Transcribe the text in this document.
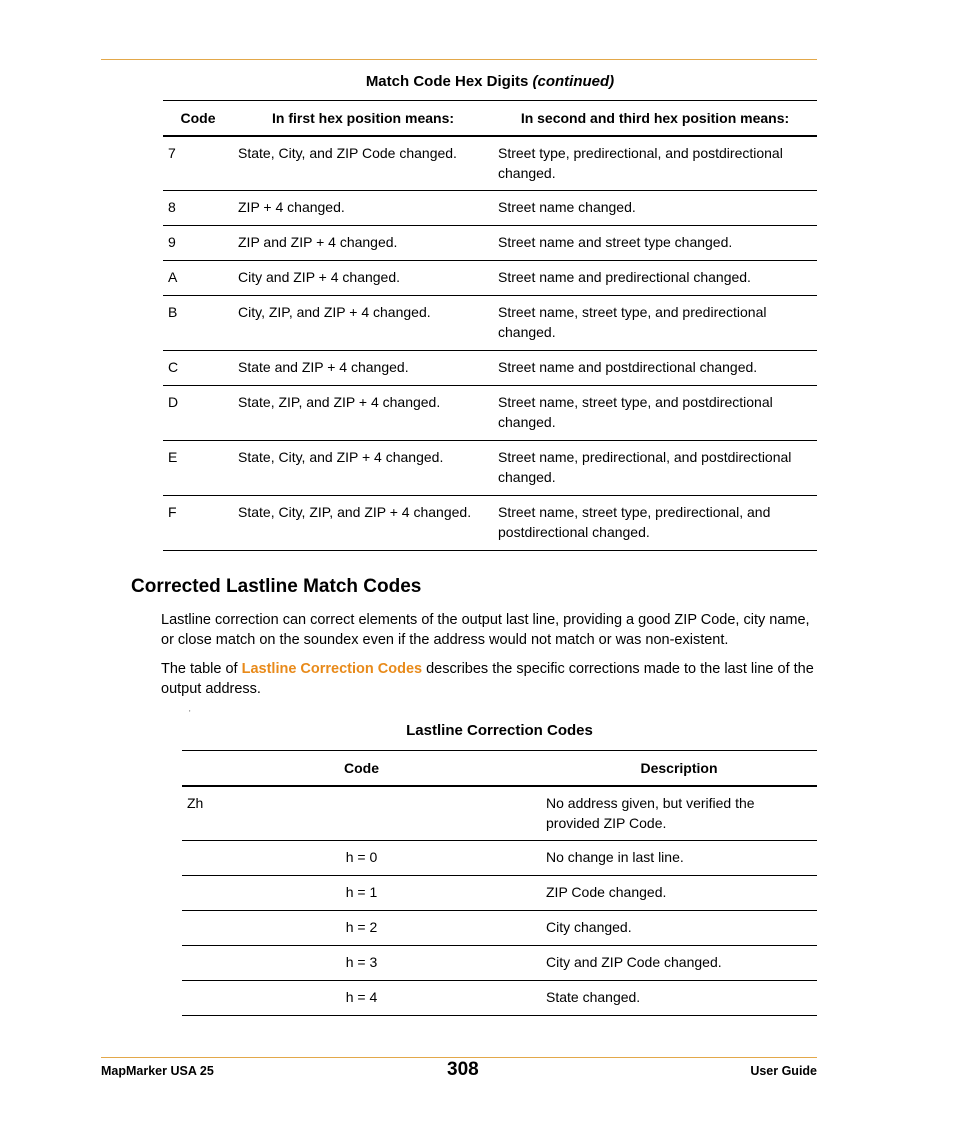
Match Code Hex Digits (continued)
Code	In first hex position means:	In second and third hex position means:
7	State, City, and ZIP Code changed.	Street type, predirectional, and postdirectional changed.
8	ZIP + 4 changed.	Street name changed.
9	ZIP and ZIP + 4 changed.	Street name and street type changed.
A	City and ZIP + 4 changed.	Street name and predirectional changed.
B	City, ZIP, and ZIP + 4 changed.	Street name, street type, and predirectional changed.
C	State and ZIP + 4 changed.	Street name and postdirectional changed.
D	State, ZIP, and ZIP + 4 changed.	Street name, street type, and postdirectional changed.
E	State, City, and ZIP + 4 changed.	Street name, predirectional, and postdirectional changed.
F	State, City, ZIP, and ZIP + 4 changed.	Street name, street type, predirectional, and postdirectional changed.
Corrected Lastline Match Codes

Lastline correction can correct elements of the output last line, providing a good ZIP Code, city name, or close match on the soundex even if the address would not match or was non-existent.

The table of Lastline Correction Codes describes the specific corrections made to the last line of the output address.

'
Lastline Correction Codes
Code	Description
Zh	No address given, but verified the provided ZIP Code.
h = 0	No change in last line.
h = 1	ZIP Code changed.
h = 2	City changed.
h = 3	City and ZIP Code changed.
h = 4	State changed.
MapMarker USA 25	308	User Guide
